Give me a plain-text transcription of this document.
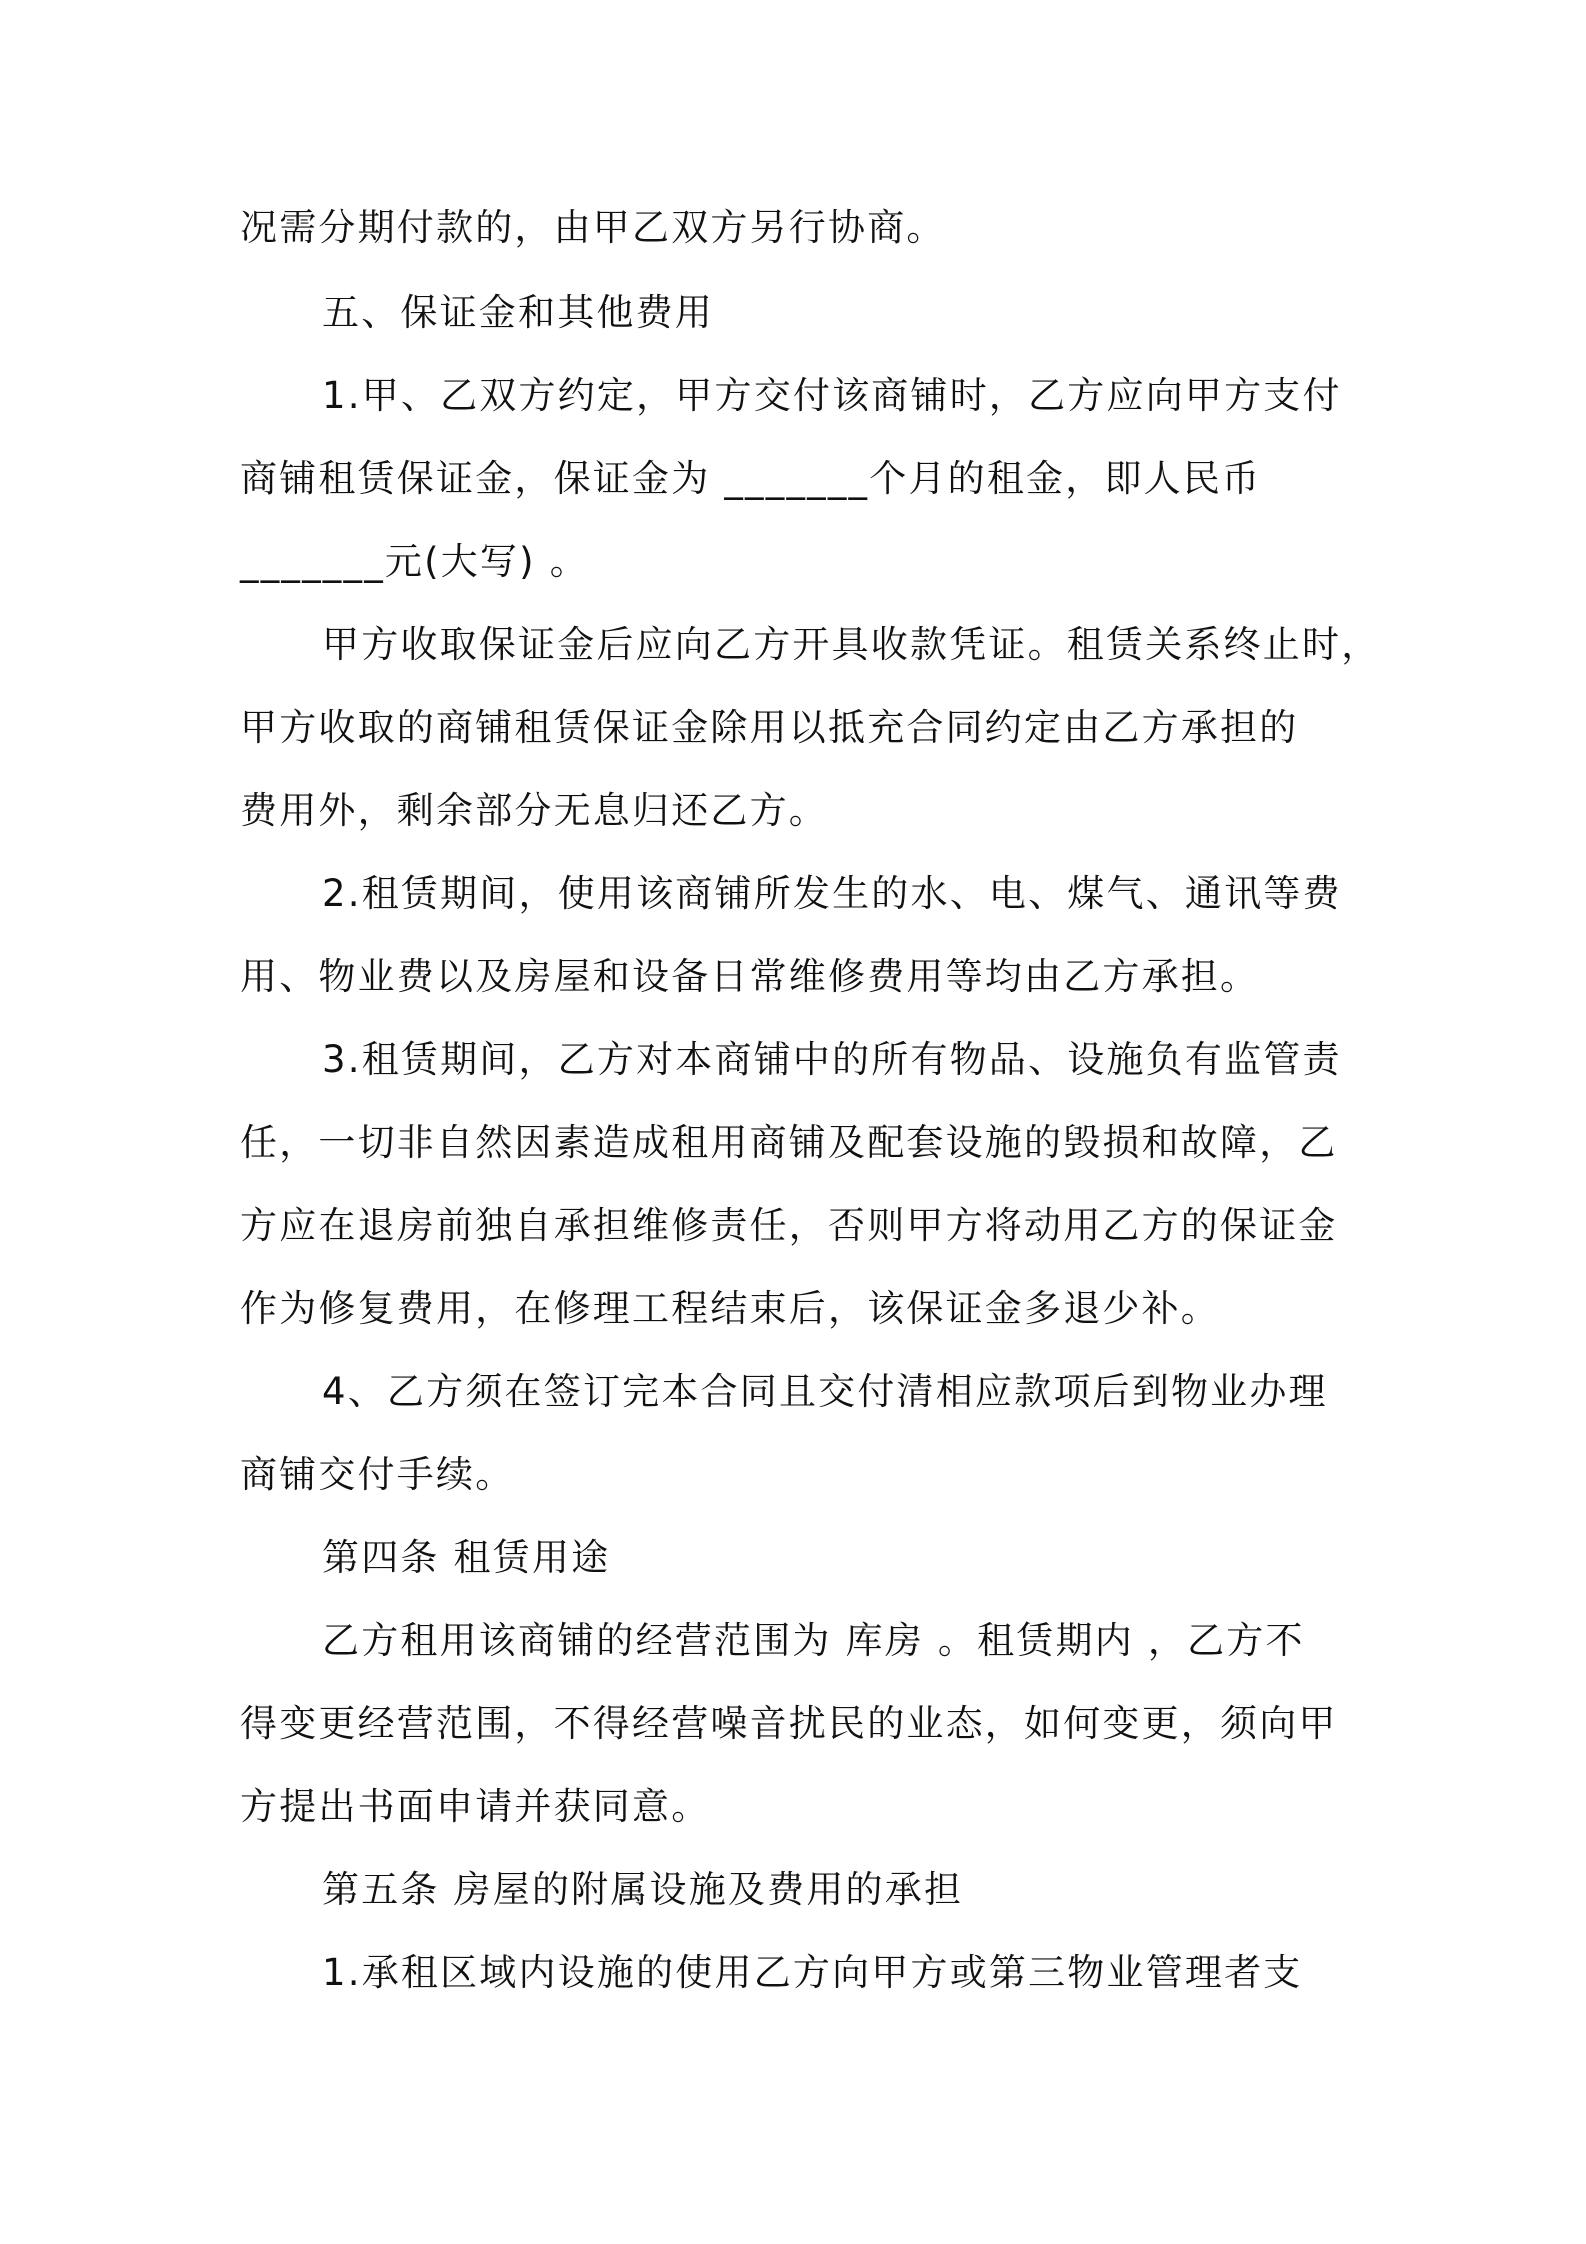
况需分期付款的，由甲乙双方另行协商。

五、保证金和其他费用

1.甲、乙双方约定，甲方交付该商铺时，乙方应向甲方支付

商铺租赁保证金，保证金为 _______个月的租金，即人民币

_______元(大写) 。

甲方收取保证金后应向乙方开具收款凭证。租赁关系终止时，

甲方收取的商铺租赁保证金除用以抵充合同约定由乙方承担的

费用外，剩余部分无息归还乙方。

2.租赁期间，使用该商铺所发生的水、电、煤气、通讯等费

用、物业费以及房屋和设备日常维修费用等均由乙方承担。

3.租赁期间，乙方对本商铺中的所有物品、设施负有监管责

任，一切非自然因素造成租用商铺及配套设施的毁损和故障，乙

方应在退房前独自承担维修责任，否则甲方将动用乙方的保证金

作为修复费用，在修理工程结束后，该保证金多退少补。

4、乙方须在签订完本合同且交付清相应款项后到物业办理

商铺交付手续。

第四条 租赁用途

乙方租用该商铺的经营范围为 库房 。租赁期内 ，乙方不

得变更经营范围，不得经营噪音扰民的业态，如何变更，须向甲

方提出书面申请并获同意。

第五条 房屋的附属设施及费用的承担

1.承租区域内设施的使用乙方向甲方或第三物业管理者支
